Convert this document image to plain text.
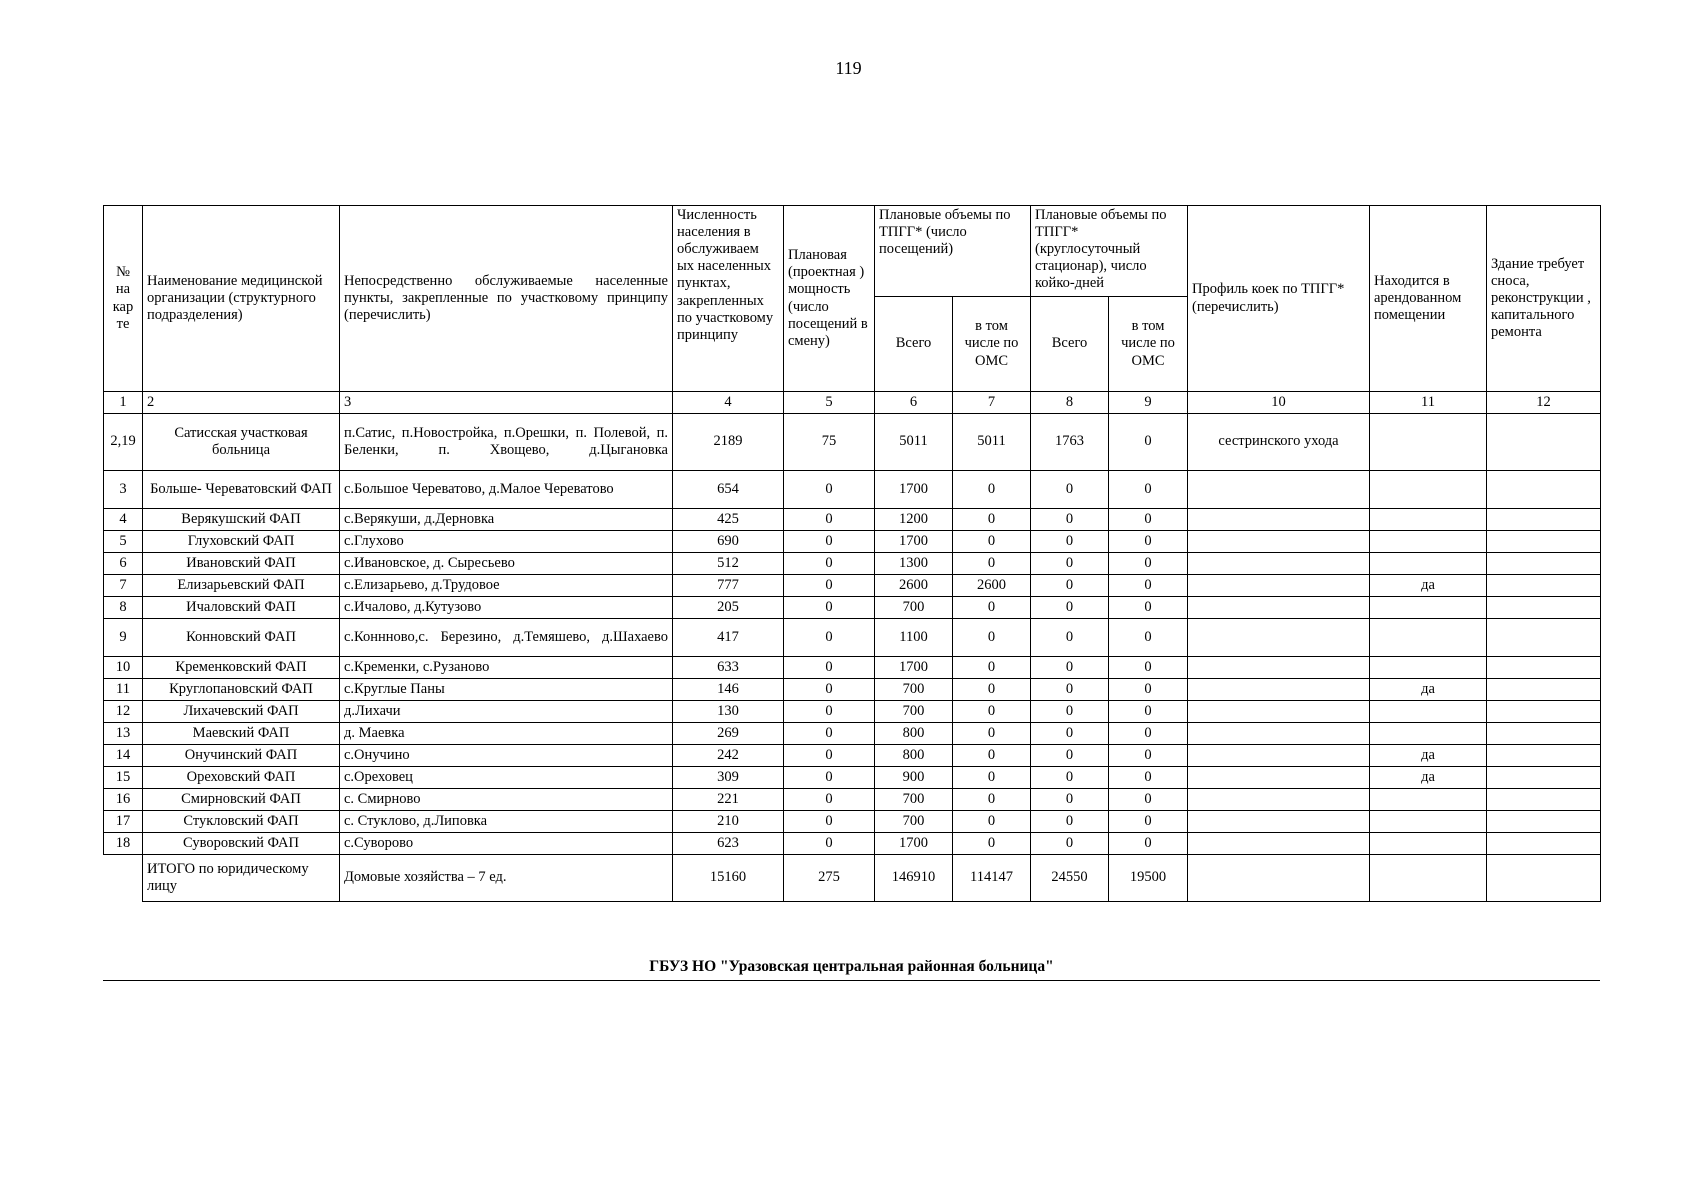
119
№ на кар те	Наименование медицинской организации (структурного подразделения)	Непосредственно обслуживаемые населенные пункты, закрепленные по участковому принципу (перечислить)	Численность населения в обслуживаем ых населенных пунктах, закрепленных по участковому принципу	Плановая (проектная ) мощность (число посещений в смену)	Плановые объемы по ТПГГ* (число посещений)		Плановые объемы по ТПГГ* (круглосуточный стационар), число койко-дней		Профиль коек по ТПГГ* (перечислить)	Находится в арендованном помещении	Здание требует сноса, реконструкции , капитального ремонта
					Всего	в том числе по ОМС	Всего	в том числе по ОМС			
1	2	3	4	5	6	7	8	9	10	11	12
2,19	Сатисская участковая больница	п.Сатис, п.Новостройка, п.Орешки, п. Полевой, п. Беленки, п. Хвощево, д.Цыгановка	2189	75	5011	5011	1763	0	сестринского ухода		
3	Больше- Череватовский ФАП	с.Большое Череватово, д.Малое Череватово	654	0	1700	0	0	0			
4	Верякушский ФАП	с.Верякуши, д.Дерновка	425	0	1200	0	0	0			
5	Глуховский ФАП	с.Глухово	690	0	1700	0	0	0			
6	Ивановский ФАП	с.Ивановское, д. Сыресьево	512	0	1300	0	0	0			
7	Елизарьевский ФАП	с.Елизарьево, д.Трудовое	777	0	2600	2600	0	0		да	
8	Ичаловский ФАП	с.Ичалово, д.Кутузово	205	0	700	0	0	0			
9	Конновский ФАП	с.Коннново,с. Березино, д.Темяшево, д.Шахаево	417	0	1100	0	0	0			
10	Кременковский ФАП	с.Кременки, с.Рузаново	633	0	1700	0	0	0			
11	Круглопановский ФАП	с.Круглые Паны	146	0	700	0	0	0		да	
12	Лихачевский ФАП	д.Лихачи	130	0	700	0	0	0			
13	Маевский ФАП	д. Маевка	269	0	800	0	0	0			
14	Онучинский ФАП	с.Онучино	242	0	800	0	0	0		да	
15	Ореховский ФАП	с.Ореховец	309	0	900	0	0	0		да	
16	Смирновский ФАП	с. Смирново	221	0	700	0	0	0			
17	Стукловский ФАП	с. Стуклово, д.Липовка	210	0	700	0	0	0			
18	Суворовский ФАП	с.Суворово	623	0	1700	0	0	0			
	ИТОГО по юридическому лицу	Домовые хозяйства – 7 ед.	15160	275	146910	114147	24550	19500			
ГБУЗ НО "Уразовская центральная районная больница"
